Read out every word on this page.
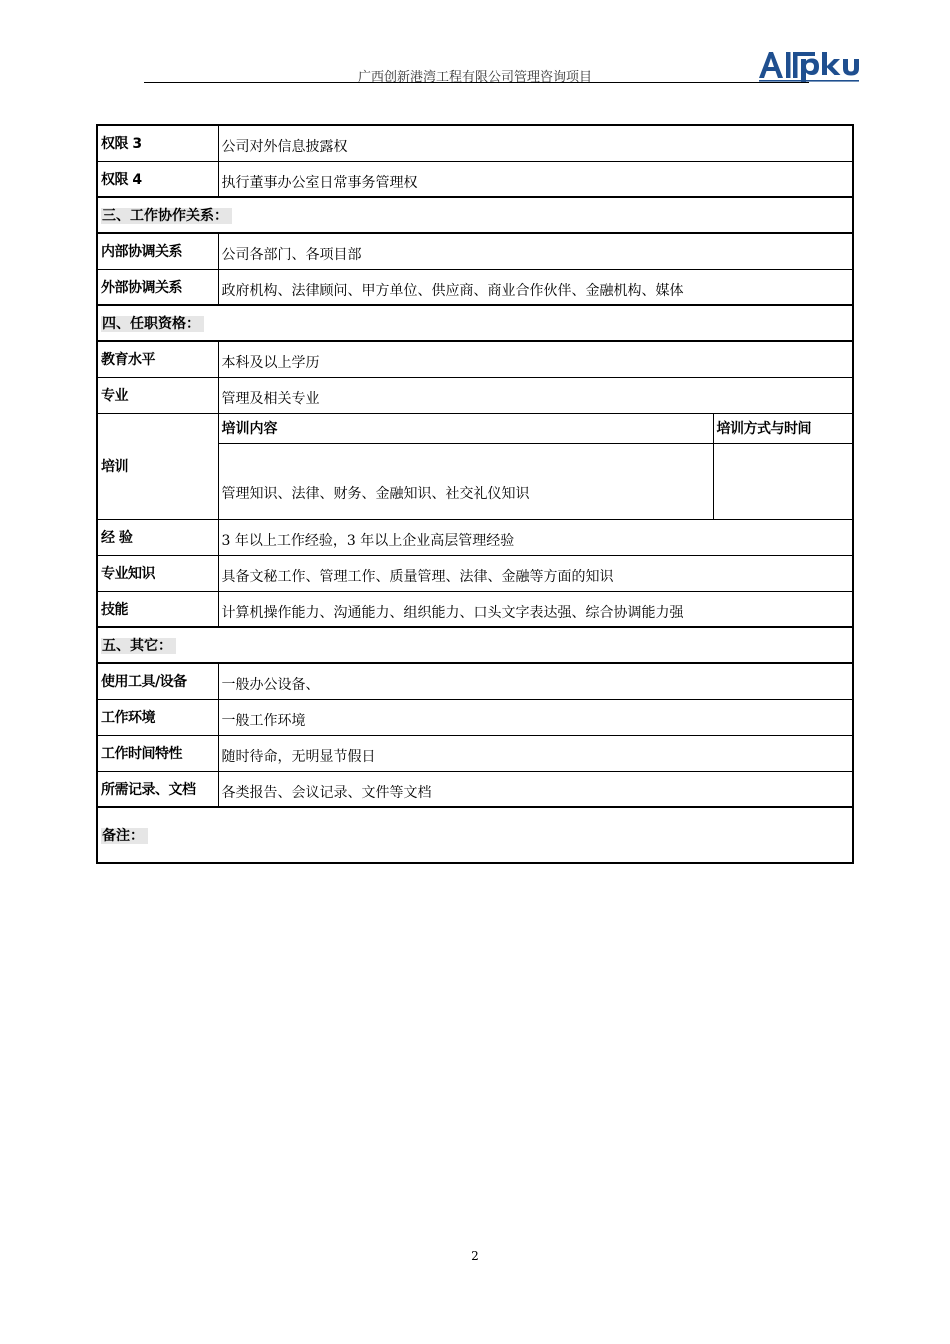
广西创新港湾工程有限公司管理咨询项目
权限 3	公司对外信息披露权	
权限 4	执行董事办公室日常事务管理权	
三、工作协作关系：		
内部协调关系	公司各部门、各项目部	
外部协调关系	政府机构、法律顾问、甲方单位、供应商、商业合作伙伴、金融机构、媒体	
四、任职资格：		
教育水平	本科及以上学历	
专业	管理及相关专业	
培训	培训内容	培训方式与时间
	管理知识、法律、财务、金融知识、社交礼仪知识	
经 验	3 年以上工作经验，3 年以上企业高层管理经验	
专业知识	具备文秘工作、管理工作、质量管理、法律、金融等方面的知识	
技能	计算机操作能力、沟通能力、组织能力、口头文字表达强、综合协调能力强	
五、其它：		
使用工具/设备	一般办公设备、	
工作环境	一般工作环境	
工作时间特性	随时待命，无明显节假日	
所需记录、文档	各类报告、会议记录、文件等文档	
备注：		
2
